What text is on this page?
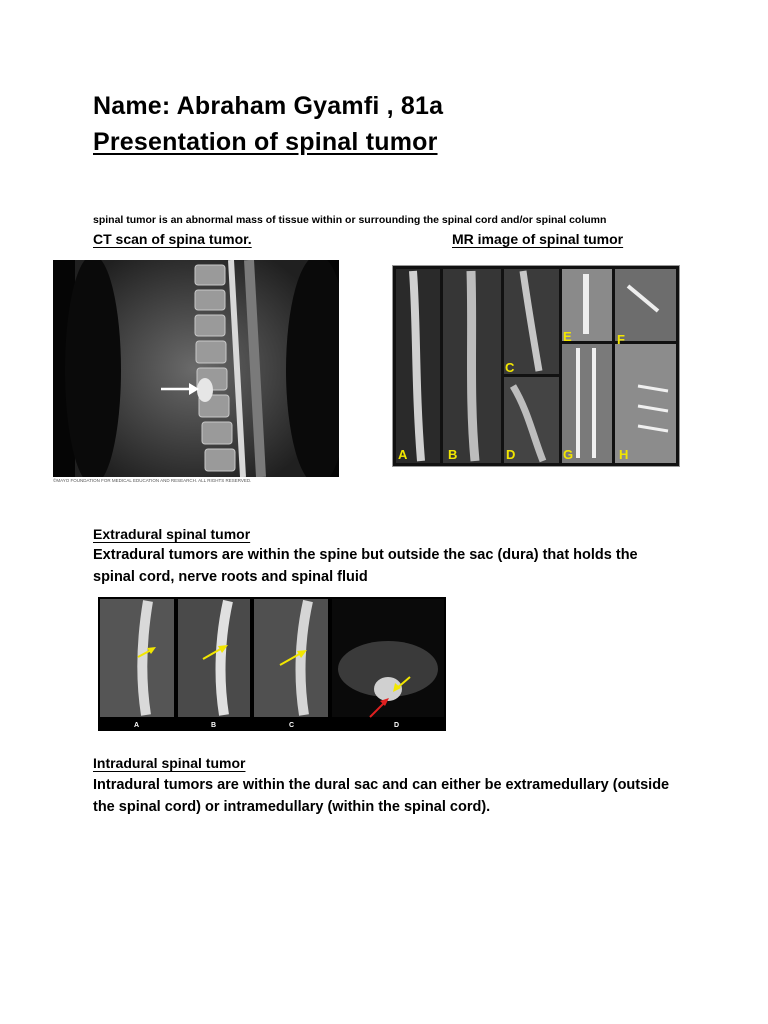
Name: Abraham Gyamfi , 81a
Presentation of spinal tumor
spinal tumor is an abnormal mass of tissue within or surrounding the spinal cord and/or spinal column
CT scan of spina tumor.	MR image of spinal tumor
©MAYO FOUNDATION FOR MEDICAL EDUCATION AND RESEARCH. ALL RIGHTS RESERVED.
A	B
C
D
E	F
G	H
Extradural spinal tumor
Extradural tumors are within the spine but outside the sac (dura) that holds the spinal cord, nerve roots and spinal fluid
A	B	C	D
Intradural spinal tumor
Intradural tumors are within the dural sac and can either be extramedullary (outside the spinal cord) or intramedullary (within the spinal cord).
